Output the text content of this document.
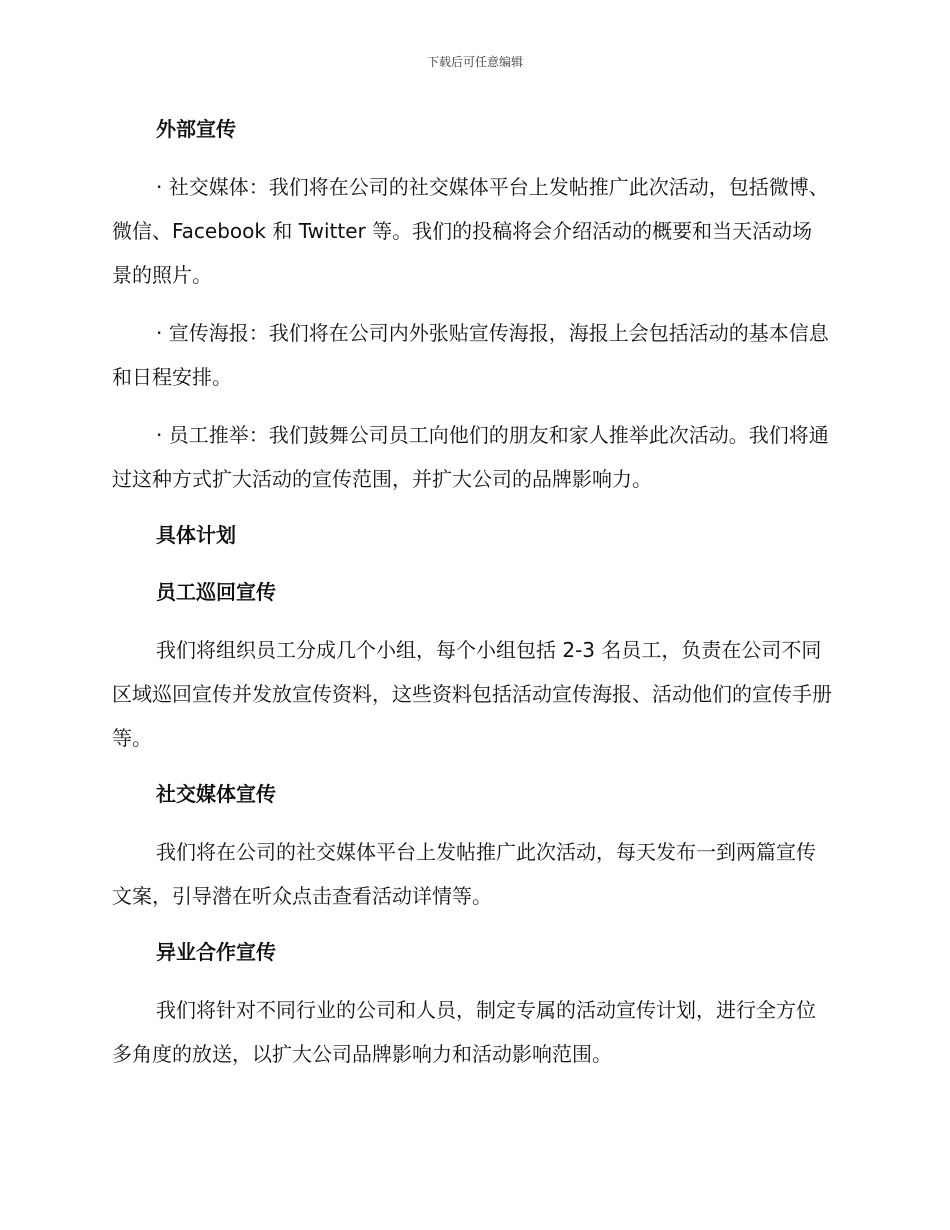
下载后可任意编辑
外部宣传

· 社交媒体：我们将在公司的社交媒体平台上发帖推广此次活动，包括微博、微信、Facebook 和 Twitter 等。我们的投稿将会介绍活动的概要和当天活动场景的照片。

· 宣传海报：我们将在公司内外张贴宣传海报，海报上会包括活动的基本信息和日程安排。

· 员工推举：我们鼓舞公司员工向他们的朋友和家人推举此次活动。我们将通过这种方式扩大活动的宣传范围，并扩大公司的品牌影响力。

具体计划
员工巡回宣传

我们将组织员工分成几个小组，每个小组包括 2-3 名员工，负责在公司不同区域巡回宣传并发放宣传资料，这些资料包括活动宣传海报、活动他们的宣传手册等。

社交媒体宣传

我们将在公司的社交媒体平台上发帖推广此次活动，每天发布一到两篇宣传文案，引导潜在听众点击查看活动详情等。

异业合作宣传

我们将针对不同行业的公司和人员，制定专属的活动宣传计划，进行全方位多角度的放送，以扩大公司品牌影响力和活动影响范围。
